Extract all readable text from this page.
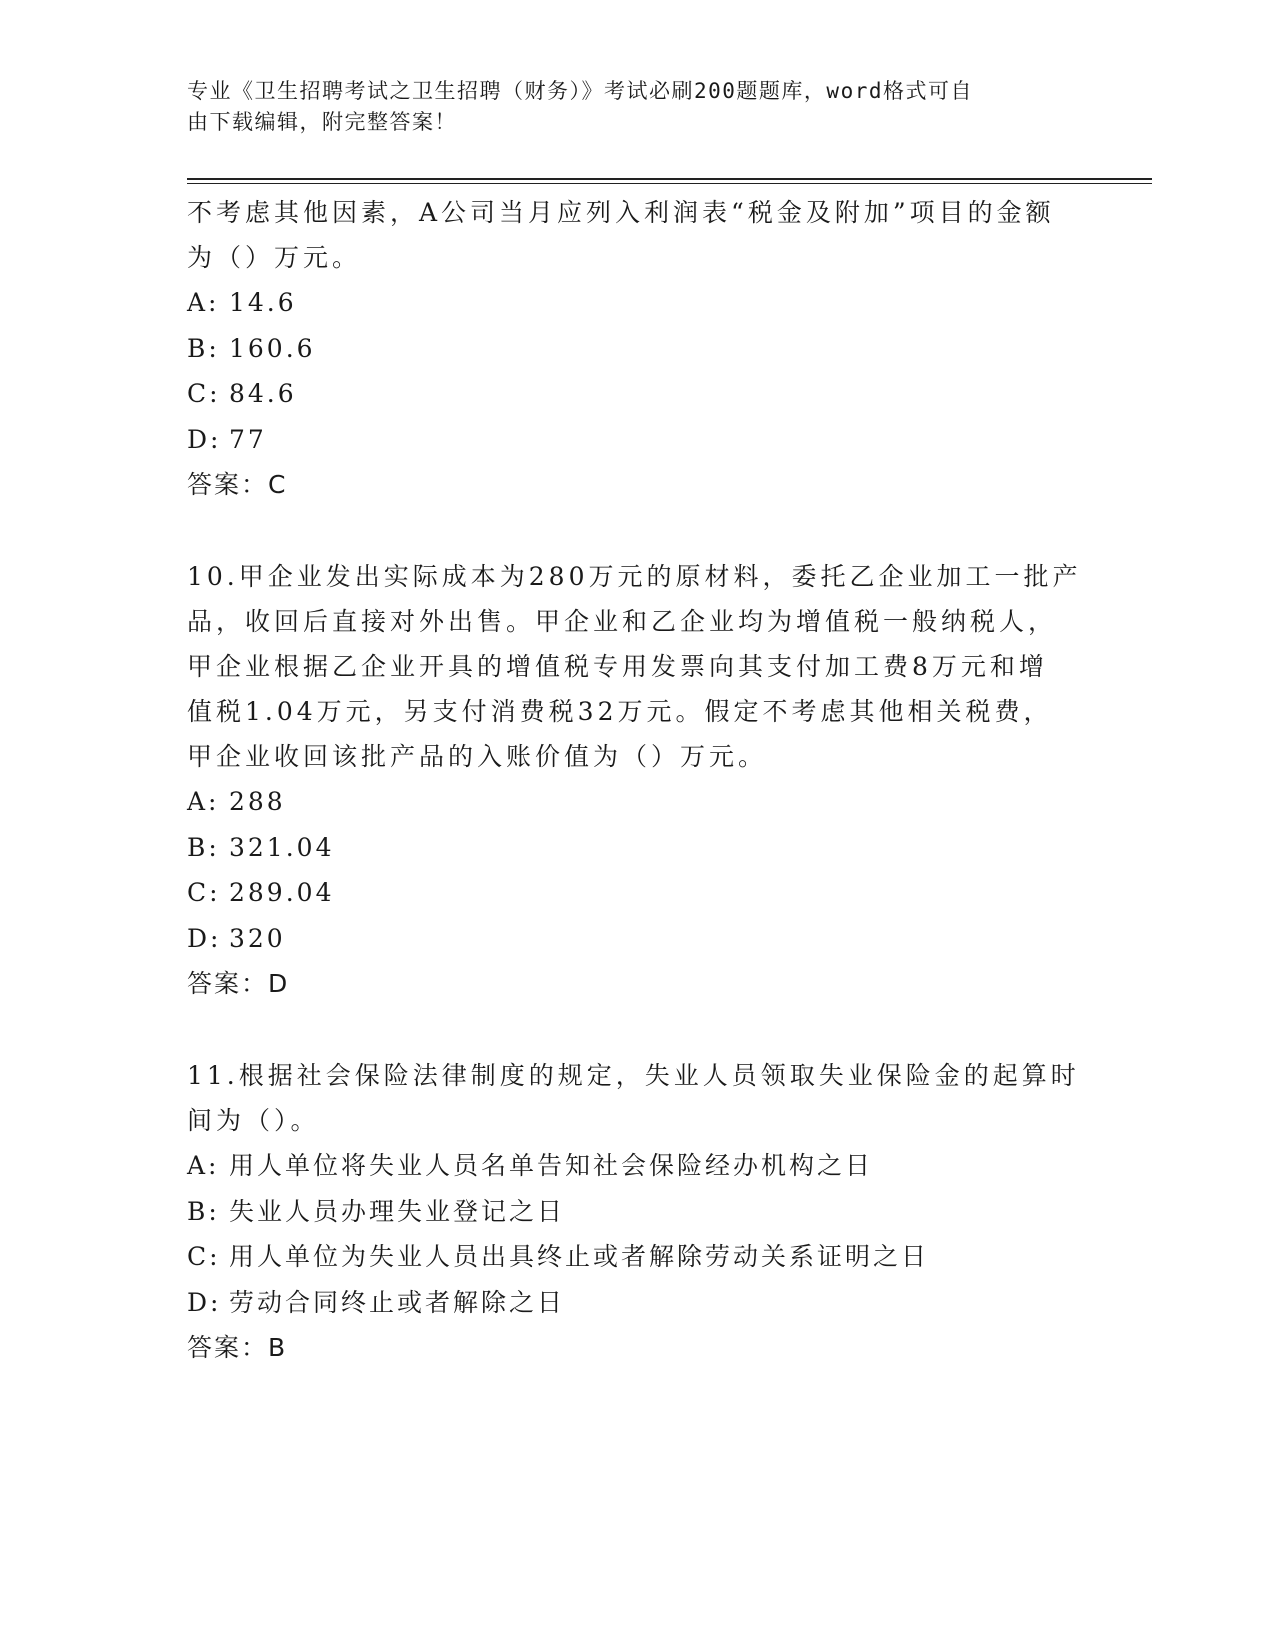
专业《卫生招聘考试之卫生招聘（财务）》考试必刷200题题库，word格式可自
由下载编辑，附完整答案！

不考虑其他因素，A公司当月应列入利润表“税金及附加”项目的金额

为（）万元。

A: 14.6

B: 160.6

C: 84.6

D: 77

答案：C

10.甲企业发出实际成本为280万元的原材料，委托乙企业加工一批产

品，收回后直接对外出售。甲企业和乙企业均为增值税一般纳税人，

甲企业根据乙企业开具的增值税专用发票向其支付加工费8万元和增

值税1.04万元，另支付消费税32万元。假定不考虑其他相关税费，

甲企业收回该批产品的入账价值为（）万元。

A: 288

B: 321.04

C: 289.04

D: 320

答案：D

11.根据社会保险法律制度的规定，失业人员领取失业保险金的起算时

间为（）。

A: 用人单位将失业人员名单告知社会保险经办机构之日

B: 失业人员办理失业登记之日

C: 用人单位为失业人员出具终止或者解除劳动关系证明之日

D: 劳动合同终止或者解除之日

答案：B
